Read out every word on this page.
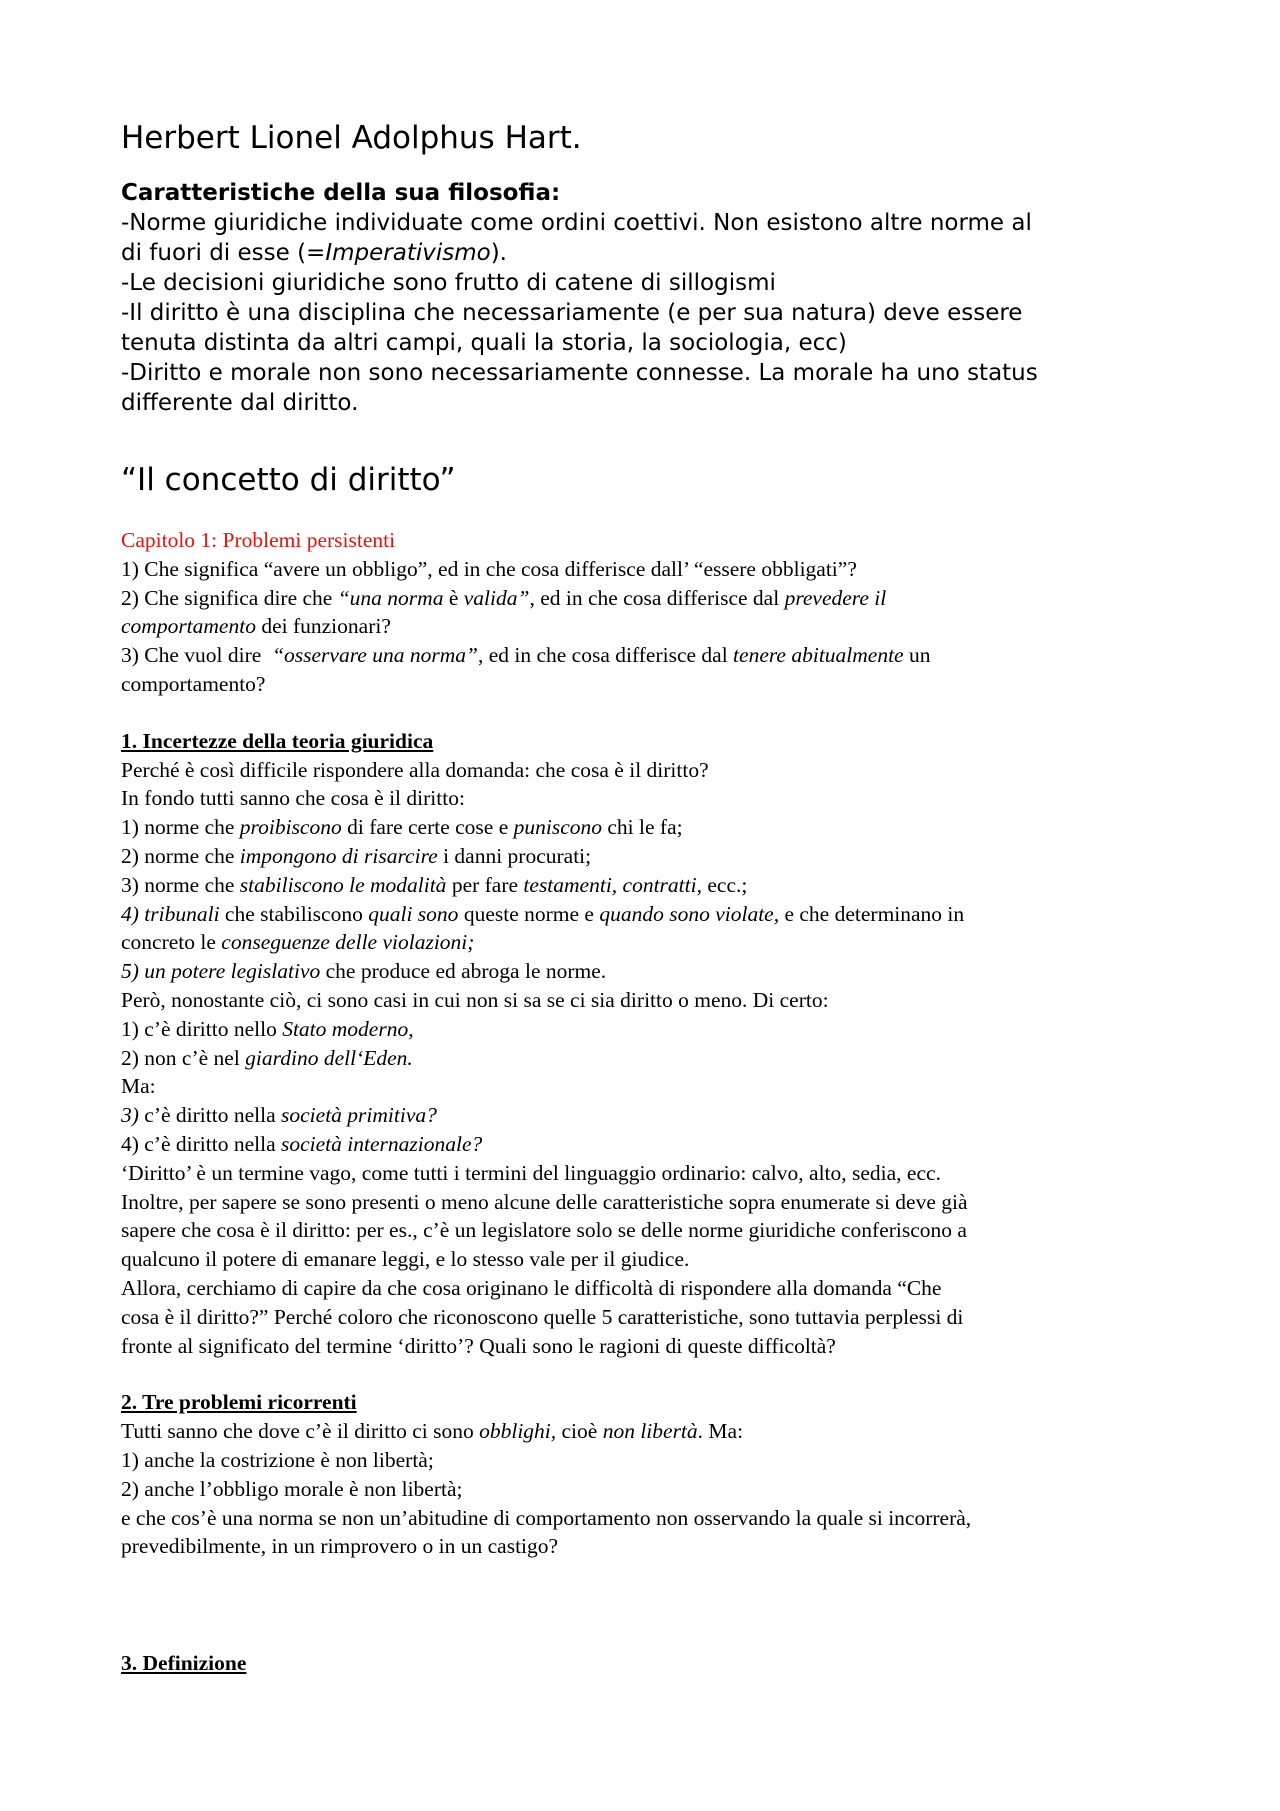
Herbert Lionel Adolphus Hart.
Caratteristiche della sua filosofia:
-Norme giuridiche individuate come ordini coettivi. Non esistono altre norme al
di fuori di esse (=Imperativismo).
-Le decisioni giuridiche sono frutto di catene di sillogismi
-Il diritto è una disciplina che necessariamente (e per sua natura) deve essere
tenuta distinta da altri campi, quali la storia, la sociologia, ecc)
-Diritto e morale non sono necessariamente connesse. La morale ha uno status
differente dal diritto.
“Il concetto di diritto”
Capitolo 1: Problemi persistenti
1) Che significa “avere un obbligo”, ed in che cosa differisce dall’ “essere obbligati”?
2) Che significa dire che “una norma è valida”, ed in che cosa differisce dal prevedere il
comportamento dei funzionari?
3) Che vuol dire  “osservare una norma”, ed in che cosa differisce dal tenere abitualmente un
comportamento?
1. Incertezze della teoria giuridica
Perché è così difficile rispondere alla domanda: che cosa è il diritto?
In fondo tutti sanno che cosa è il diritto:
1) norme che proibiscono di fare certe cose e puniscono chi le fa;
2) norme che impongono di risarcire i danni procurati;
3) norme che stabiliscono le modalità per fare testamenti, contratti, ecc.;
4) tribunali che stabiliscono quali sono queste norme e quando sono violate, e che determinano in
concreto le conseguenze delle violazioni;
5) un potere legislativo che produce ed abroga le norme.
Però, nonostante ciò, ci sono casi in cui non si sa se ci sia diritto o meno. Di certo:
1) c’è diritto nello Stato moderno,
2) non c’è nel giardino dell‘Eden.
Ma:
3) c’è diritto nella società primitiva?
4) c’è diritto nella società internazionale?
‘Diritto’ è un termine vago, come tutti i termini del linguaggio ordinario: calvo, alto, sedia, ecc.
Inoltre, per sapere se sono presenti o meno alcune delle caratteristiche sopra enumerate si deve già
sapere che cosa è il diritto: per es., c’è un legislatore solo se delle norme giuridiche conferiscono a
qualcuno il potere di emanare leggi, e lo stesso vale per il giudice.
Allora, cerchiamo di capire da che cosa originano le difficoltà di rispondere alla domanda “Che
cosa è il diritto?” Perché coloro che riconoscono quelle 5 caratteristiche, sono tuttavia perplessi di
fronte al significato del termine ‘diritto’? Quali sono le ragioni di queste difficoltà?
2. Tre problemi ricorrenti
Tutti sanno che dove c’è il diritto ci sono obblighi, cioè non libertà. Ma:
1) anche la costrizione è non libertà;
2) anche l’obbligo morale è non libertà;
e che cos’è una norma se non un’abitudine di comportamento non osservando la quale si incorrerà,
prevedibilmente, in un rimprovero o in un castigo?
3. Definizione
